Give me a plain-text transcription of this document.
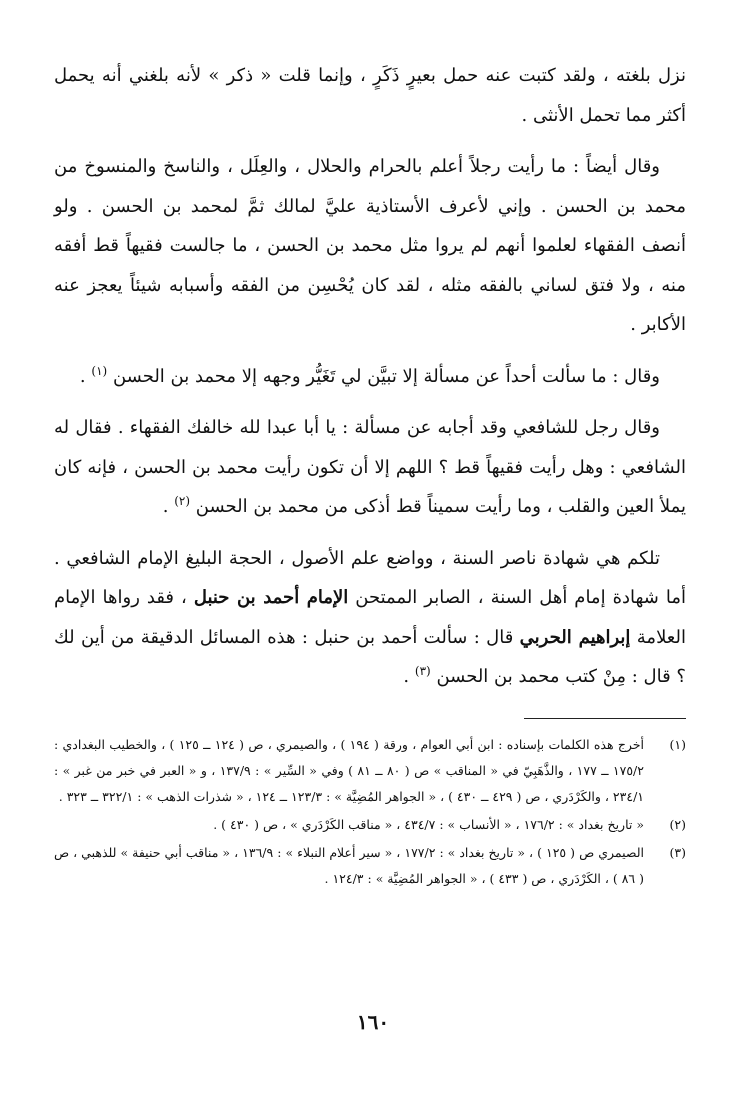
نزل بلغته ، ولقد كتبت عنه حمل بعيرٍ ذَكَرٍ ، وإنما قلت « ذكر » لأنه بلغني أنه يحمل أكثر مما تحمل الأنثى .

وقال أيضاً : ما رأيت رجلاً أعلم بالحرام والحلال ، والعِلَل ، والناسخ والمنسوخ من محمد بن الحسن . وإني لأعرف الأستاذية عليَّ لمالك ثمَّ لمحمد بن الحسن . ولو أنصف الفقهاء لعلموا أنهم لم يروا مثل محمد بن الحسن ، ما جالست فقيهاً قط أفقه منه ، ولا فتق لساني بالفقه مثله ، لقد كان يُحْسِن من الفقه وأسبابه شيئاً يعجز عنه الأكابر .

وقال : ما سألت أحداً عن مسألة إلا تبيَّن لي تَغَيُّر وجهه إلا محمد بن الحسن $^{(١)}$ .

وقال رجل للشافعي وقد أجابه عن مسألة : يا أبا عبدا لله خالفك الفقهاء . فقال له الشافعي : وهل رأيت فقيهاً قط ؟ اللهم إلا أن تكون رأيت محمد بن الحسن ، فإنه كان يملأ العين والقلب ، وما رأيت سميناً قط أذكى من محمد بن الحسن $^{(٢)}$ .

تلكم هي شهادة ناصر السنة ، وواضع علم الأصول ، الحجة البليغ الإمام الشافعي . أما شهادة إمام أهل السنة ، الصابر الممتحن الإمام أحمد بن حنبل ، فقد رواها الإمام العلامة إبراهيم الحربي قال : سألت أحمد بن حنبل : هذه المسائل الدقيقة من أين لك ؟ قال : مِنْ كتب محمد بن الحسن $^{(٣)}$ .

(١)
أخرج هذه الكلمات بإسناده : ابن أبي العوام ، ورقة ( ١٩٤ ) ، والصيمري ، ص ( ١٢٤ ــ ١٢٥ ) ، والخطيب البغدادي : ١٧٥/٢ ــ ١٧٧ ، والذَّهَبِيّ في « المناقب » ص ( ٨٠ ــ ٨١ ) وفي « السِّير » : ١٣٧/٩ ، و « العبر في خبر من غبر » : ٢٣٤/١ ، والكَرْدَري ، ص ( ٤٢٩ ــ ٤٣٠ ) ، « الجواهر المُضِيَّة » : ١٢٣/٣ ــ ١٢٤ ، « شذرات الذهب » : ٣٢٢/١ ــ ٣٢٣ .
(٢)
« تاريخ بغداد » : ١٧٦/٢ ، « الأنساب » : ٤٣٤/٧ ، « مناقب الكَرْدَري » ، ص ( ٤٣٠ ) .
(٣)
الصيمري ص ( ١٢٥ ) ، « تاريخ بغداد » : ١٧٧/٢ ، « سير أعلام النبلاء » : ١٣٦/٩ ، « مناقب أبي حنيفة » للذهبي ، ص ( ٨٦ ) ، الكَرْدَري ، ص ( ٤٣٣ ) ، « الجواهر المُضِيَّة » : ١٢٤/٣ .
١٦٠
